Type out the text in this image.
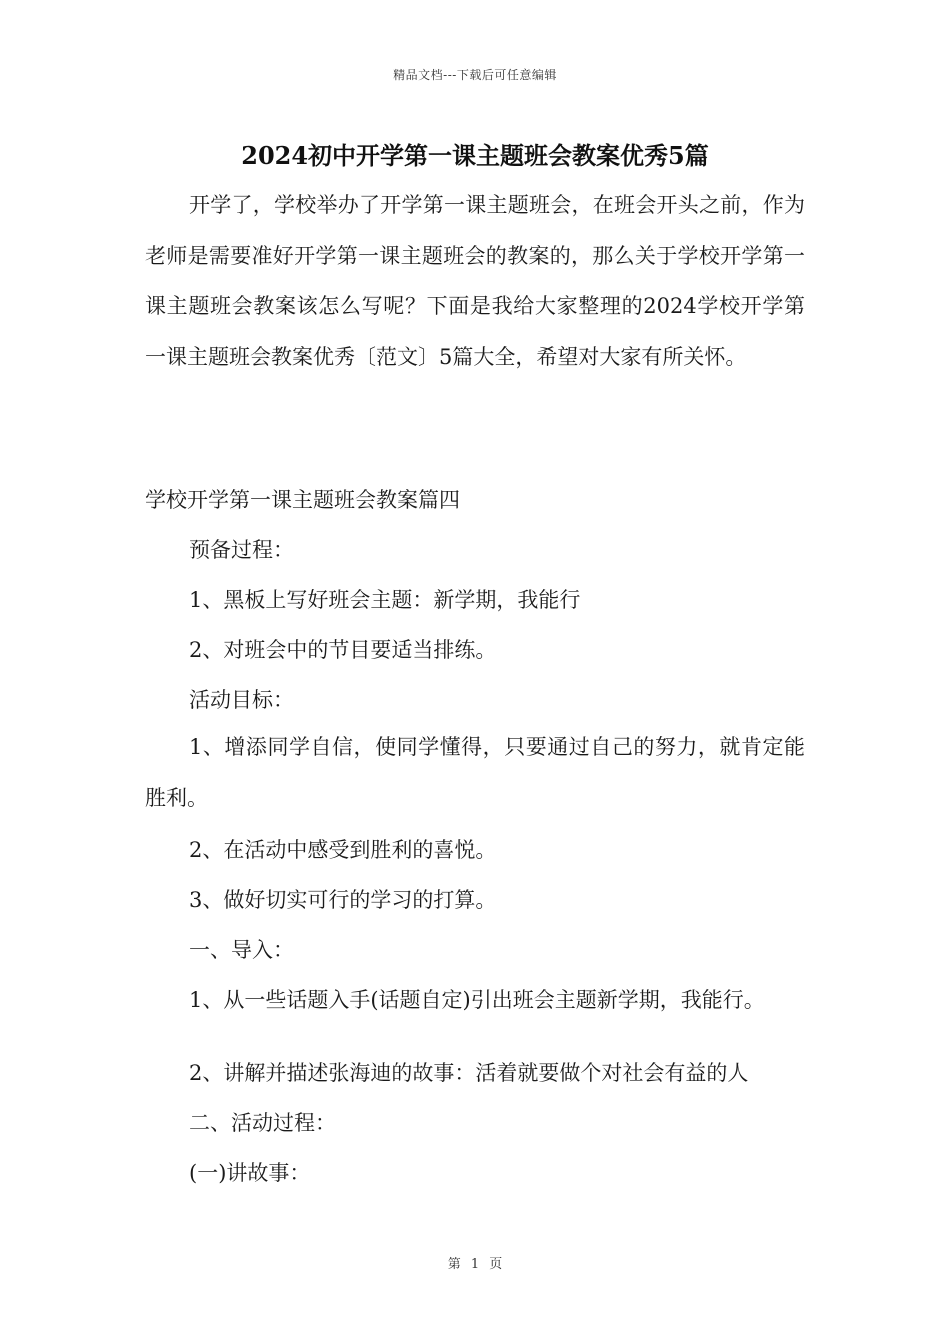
精品文档---下载后可任意编辑
2024初中开学第一课主题班会教案优秀5篇

开学了，学校举办了开学第一课主题班会，在班会开头之前，作为老师是需要准好开学第一课主题班会的教案的，那么关于学校开学第一课主题班会教案该怎么写呢？下面是我给大家整理的2024学校开学第一课主题班会教案优秀〔范文〕5篇大全，希望对大家有所关怀。

学校开学第一课主题班会教案篇四

预备过程：

1、黑板上写好班会主题：新学期，我能行

2、对班会中的节目要适当排练。

活动目标：

1、增添同学自信，使同学懂得，只要通过自己的努力，就肯定能胜利。

2、在活动中感受到胜利的喜悦。

3、做好切实可行的学习的打算。

一、导入：

1、从一些话题入手(话题自定)引出班会主题新学期，我能行。

2、讲解并描述张海迪的故事：活着就要做个对社会有益的人

二、活动过程：

(一)讲故事：

第 1 页
